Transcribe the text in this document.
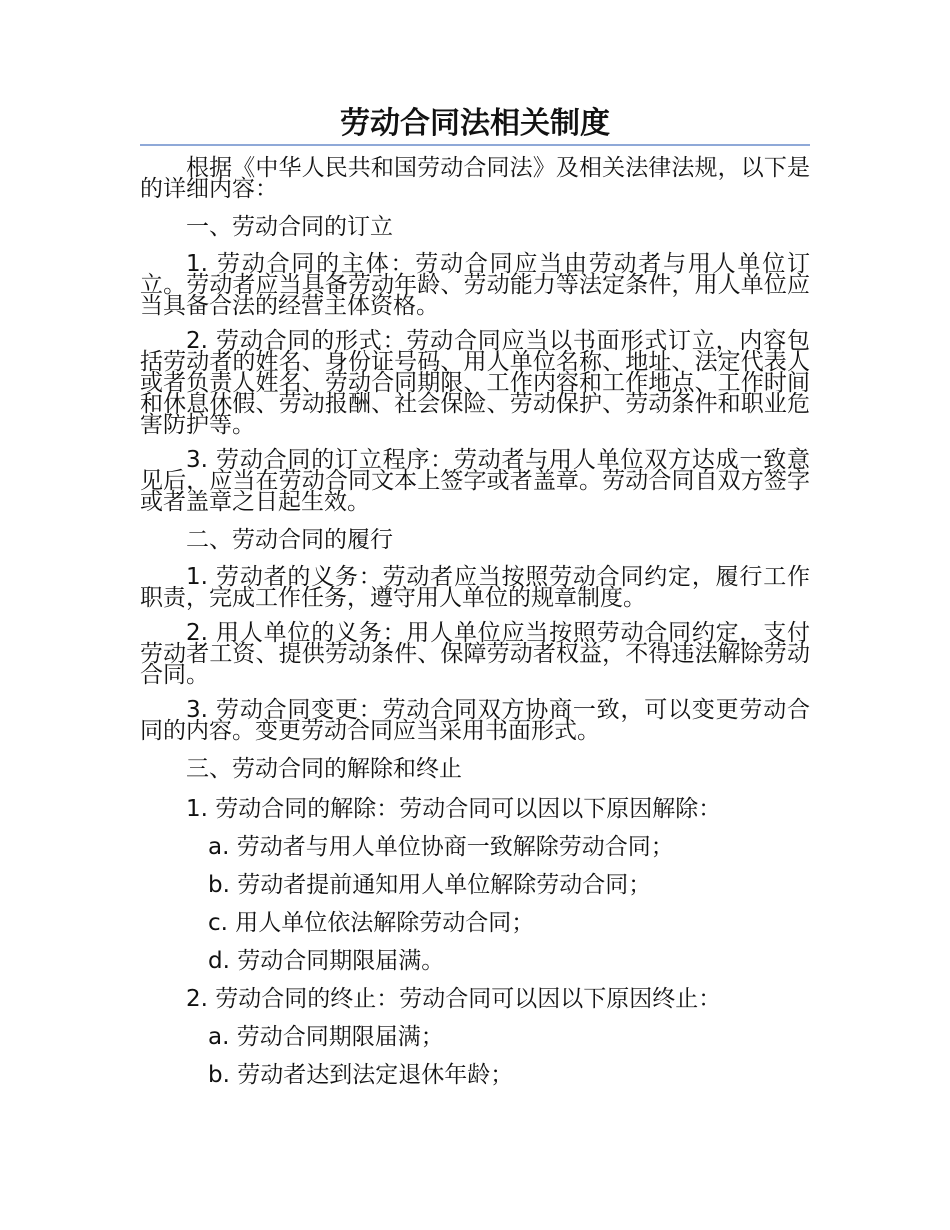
劳动合同法相关制度

根据《中华人民共和国劳动合同法》及相关法律法规，以下是的详细内容：

一、劳动合同的订立

1. 劳动合同的主体：劳动合同应当由劳动者与用人单位订立。劳动者应当具备劳动年龄、劳动能力等法定条件，用人单位应当具备合法的经营主体资格。

2. 劳动合同的形式：劳动合同应当以书面形式订立，内容包括劳动者的姓名、身份证号码、用人单位名称、地址、法定代表人或者负责人姓名、劳动合同期限、工作内容和工作地点、工作时间和休息休假、劳动报酬、社会保险、劳动保护、劳动条件和职业危害防护等。

3. 劳动合同的订立程序：劳动者与用人单位双方达成一致意见后，应当在劳动合同文本上签字或者盖章。劳动合同自双方签字或者盖章之日起生效。

二、劳动合同的履行

1. 劳动者的义务：劳动者应当按照劳动合同约定，履行工作职责，完成工作任务，遵守用人单位的规章制度。

2. 用人单位的义务：用人单位应当按照劳动合同约定，支付劳动者工资、提供劳动条件、保障劳动者权益，不得违法解除劳动合同。

3. 劳动合同变更：劳动合同双方协商一致，可以变更劳动合同的内容。变更劳动合同应当采用书面形式。

三、劳动合同的解除和终止
1. 劳动合同的解除：劳动合同可以因以下原因解除：
a. 劳动者与用人单位协商一致解除劳动合同；
b. 劳动者提前通知用人单位解除劳动合同；
c. 用人单位依法解除劳动合同；
d. 劳动合同期限届满。
2. 劳动合同的终止：劳动合同可以因以下原因终止：
a. 劳动合同期限届满；
b. 劳动者达到法定退休年龄；
